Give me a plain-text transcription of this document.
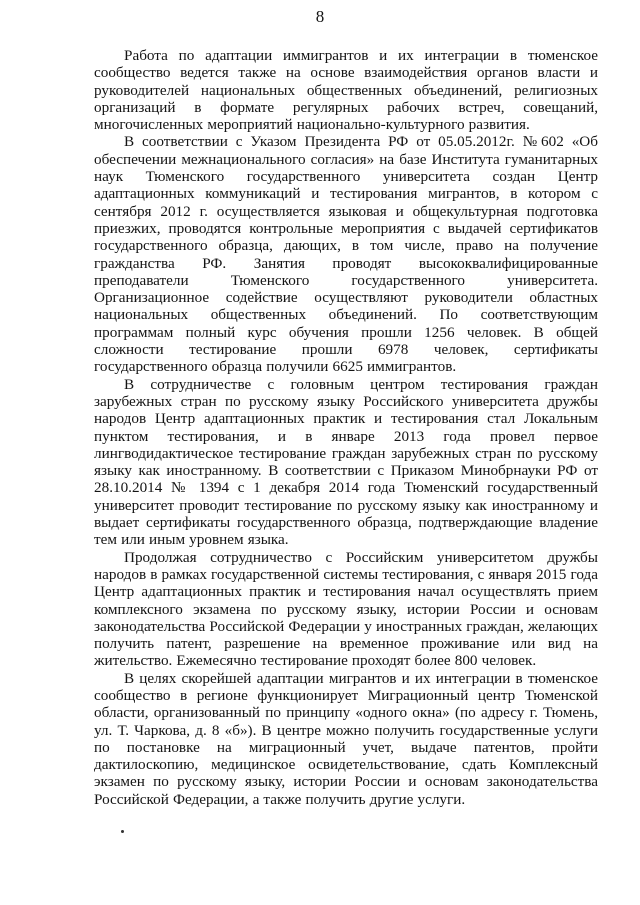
8

Работа по адаптации иммигрантов и их интеграции в тюменское сообщество ведется также на основе взаимодействия органов власти и руководителей национальных общественных объединений, религиозных организаций в формате регулярных рабочих встреч, совещаний, многочисленных мероприятий национально-культурного развития.

В соответствии с Указом Президента РФ от 05.05.2012г. №602 «Об обеспечении межнационального согласия» на базе Института гуманитарных наук Тюменского государственного университета создан Центр адаптационных коммуникаций и тестирования мигрантов, в котором с сентября 2012 г. осуществляется языковая и общекультурная подготовка приезжих, проводятся контрольные мероприятия с выдачей сертификатов государственного образца, дающих, в том числе, право на получение гражданства РФ. Занятия проводят высококвалифицированные преподаватели Тюменского государственного университета. Организационное содействие осуществляют руководители областных национальных общественных объединений. По соответствующим программам полный курс обучения прошли 1256 человек. В общей сложности тестирование прошли 6978 человек, сертификаты государственного образца получили 6625 иммигрантов.

В сотрудничестве с головным центром тестирования граждан зарубежных стран по русскому языку Российского университета дружбы народов Центр адаптационных практик и тестирования стал Локальным пунктом тестирования, и в январе 2013 года провел первое лингводидактическое тестирование граждан зарубежных стран по русскому языку как иностранному. В соответствии с Приказом Минобрнауки РФ от 28.10.2014 № 1394 с 1 декабря 2014 года Тюменский государственный университет проводит тестирование по русскому языку как иностранному и выдает сертификаты государственного образца, подтверждающие владение тем или иным уровнем языка.

Продолжая сотрудничество с Российским университетом дружбы народов в рамках государственной системы тестирования, с января 2015 года Центр адаптационных практик и тестирования начал осуществлять прием комплексного экзамена по русскому языку, истории России и основам законодательства Российской Федерации у иностранных граждан, желающих получить патент, разрешение на временное проживание или вид на жительство. Ежемесячно тестирование проходят более 800 человек.

В целях скорейшей адаптации мигрантов и их интеграции в тюменское сообщество в регионе функционирует Миграционный центр Тюменской области, организованный по принципу «одного окна» (по адресу г. Тюмень, ул. Т. Чаркова, д. 8 «б»). В центре можно получить государственные услуги по постановке на миграционный учет, выдаче патентов, пройти дактилоскопию, медицинское освидетельствование, сдать Комплексный экзамен по русскому языку, истории России и основам законодательства Российской Федерации, а также получить другие услуги.
